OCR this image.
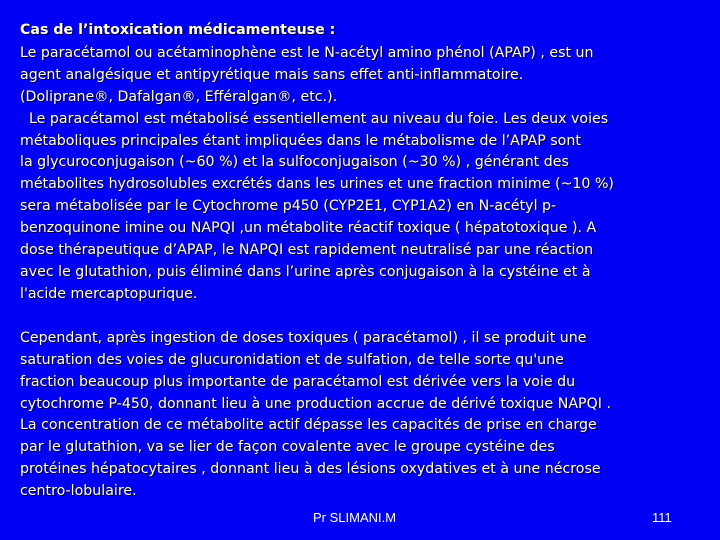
Cas de l’intoxication médicamenteuse :
Le paracétamol ou acétaminophène est le N-acétyl amino phénol (APAP) , est un
agent analgésique et antipyrétique mais sans effet anti-inflammatoire.
(Doliprane®, Dafalgan®, Efféralgan®, etc.).
Le paracétamol est métabolisé essentiellement au niveau du foie. Les deux voies
métaboliques principales étant impliquées dans le métabolisme de l’APAP sont
la glycuroconjugaison (~60 %) et la sulfoconjugaison (~30 %) , générant des
métabolites hydrosolubles excrétés dans les urines et une fraction minime (~10 %)
sera métabolisée par le Cytochrome p450 (CYP2E1, CYP1A2) en N-acétyl p-
benzoquinone imine ou NAPQI ,un métabolite réactif toxique ( hépatotoxique ). A
dose thérapeutique d’APAP, le NAPQI est rapidement neutralisé par une réaction
avec le glutathion, puis éliminé dans l’urine après conjugaison à la cystéine et à
l'acide mercaptopurique.
Cependant, après ingestion de doses toxiques ( paracétamol) , il se produit une
saturation des voies de glucuronidation et de sulfation, de telle sorte qu'une
fraction beaucoup plus importante de paracétamol est dérivée vers la voie du
cytochrome P-450, donnant lieu à une production accrue de dérivé toxique NAPQI .
La concentration de ce métabolite actif dépasse les capacités de prise en charge
par le glutathion, va se lier de façon covalente avec le groupe cystéine des
protéines hépatocytaires , donnant lieu à des lésions oxydatives et à une nécrose
centro-lobulaire.
Pr SLIMANI.M	111
